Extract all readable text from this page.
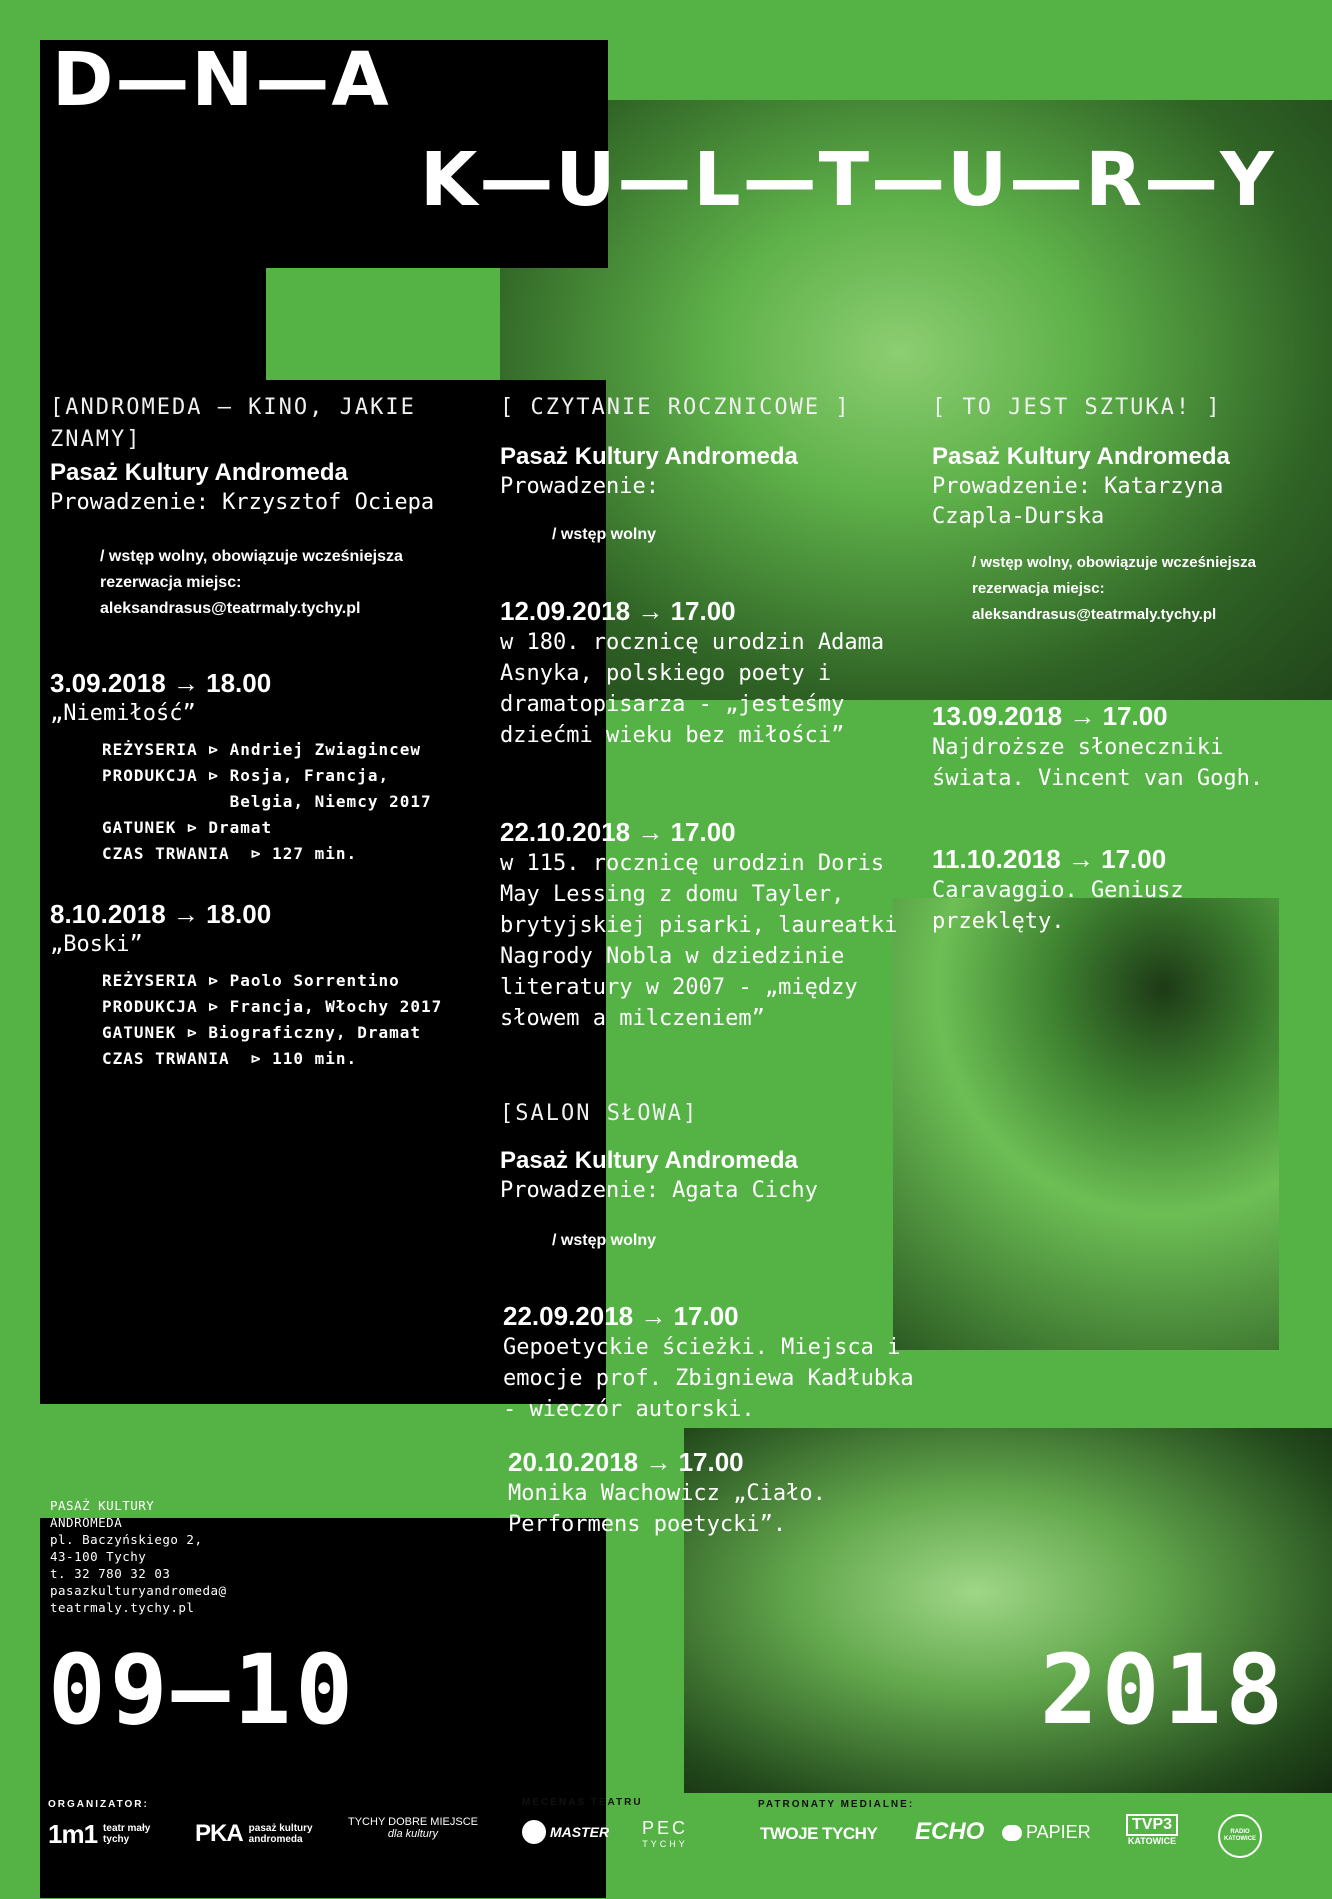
D—N—A
K—U—L—T—U—R—Y
[ANDROMEDA — KINO, JAKIE ZNAMY]
Pasaż Kultury Andromeda
Prowadzenie: Krzysztof Ociepa
/ wstęp wolny, obowiązuje wcześniejsza rezerwacja miejsc: aleksandrasus@teatrmaly.tychy.pl
3.09.2018 → 18.00
„Niemiłość”
REŻYSERIA ⊳ Andriej Zwiagincew
PRODUKCJA ⊳ Rosja, Francja,
Belgia, Niemcy 2017
GATUNEK ⊳ Dramat
CZAS TRWANIA  ⊳ 127 min.
8.10.2018 → 18.00
„Boski”
REŻYSERIA ⊳ Paolo Sorrentino
PRODUKCJA ⊳ Francja, Włochy 2017
GATUNEK ⊳ Biograficzny, Dramat
CZAS TRWANIA  ⊳ 110 min.
[ CZYTANIE ROCZNICOWE ]
Pasaż Kultury Andromeda
Prowadzenie:
/ wstęp wolny
12.09.2018 → 17.00
w 180. rocznicę urodzin Adama Asnyka, polskiego poety i dramatopisarza - „jesteśmy dziećmi wieku bez miłości”
22.10.2018 → 17.00
w 115. rocznicę urodzin Doris May Lessing z domu Tayler, brytyjskiej pisarki, laureatki Nagrody Nobla w dziedzinie literatury w 2007 - „między słowem a milczeniem”
[SALON SŁOWA]
Pasaż Kultury Andromeda
Prowadzenie: Agata Cichy
/ wstęp wolny
22.09.2018 → 17.00
Gepoetyckie ścieżki. Miejsca i emocje prof. Zbigniewa Kadłubka - wieczór autorski.
20.10.2018 → 17.00
Monika Wachowicz „Ciało. Performens poetycki”.
[ TO JEST SZTUKA! ]
Pasaż Kultury Andromeda
Prowadzenie: Katarzyna Czapla-Durska
/ wstęp wolny, obowiązuje wcześniejsza rezerwacja miejsc: aleksandrasus@teatrmaly.tychy.pl
13.09.2018 → 17.00
Najdroższe słoneczniki świata. Vincent van Gogh.
11.10.2018 → 17.00
Caravaggio. Geniusz przeklęty.
PASAŻ KULTURY
ANDROMEDA
pl. Baczyńskiego 2,
43-100 Tychy
t. 32 780 32 03
pasazkulturyandromeda@
teatrmaly.tychy.pl
09—10	2018
ORGANIZATOR:	MECENAS TEATRU	PATRONATY MEDIALNE:
1m1 teatr mały tychy	PKA pasaż kultury andromeda
TYCHY DOBRE MIEJSCE
dla kultury	MASTER PEC
TYCHY
TWOJE TYCHY ECHO PAPIER	TVP3
KATOWICE
RADIO KATOWICE
